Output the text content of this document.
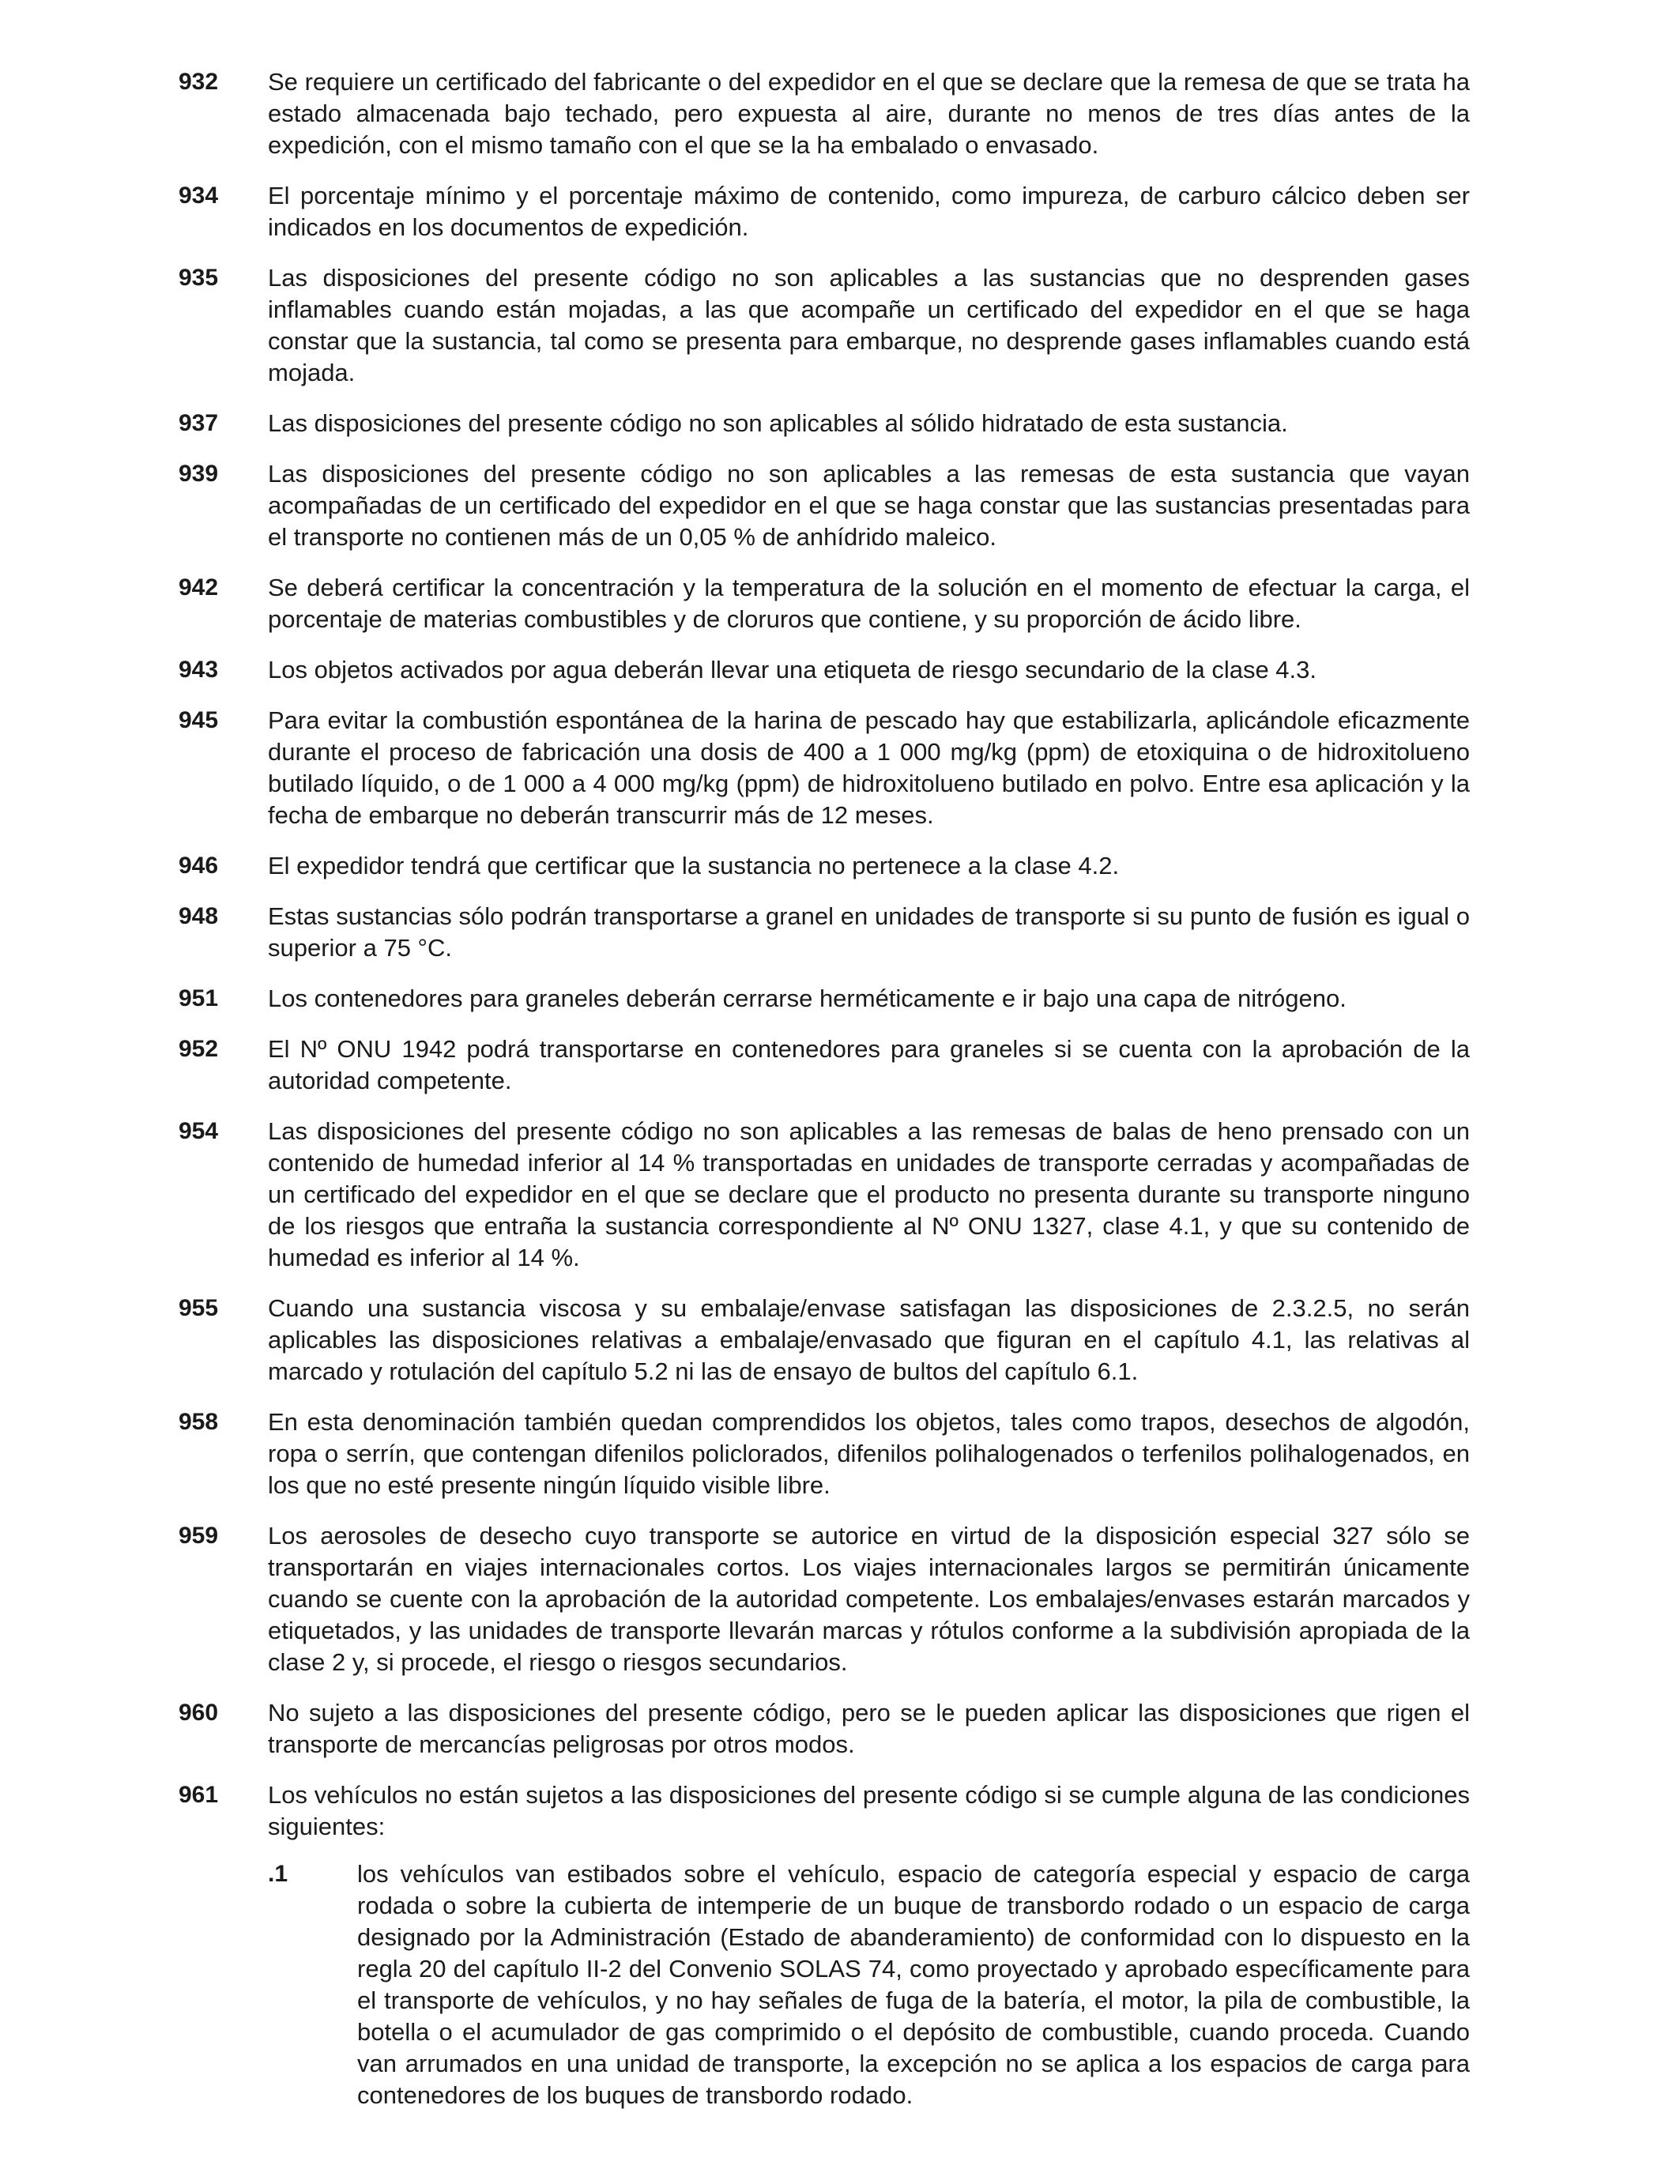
932	Se requiere un certificado del fabricante o del expedidor en el que se declare que la remesa de que se trata ha estado almacenada bajo techado, pero expuesta al aire, durante no menos de tres días antes de la expedición, con el mismo tamaño con el que se la ha embalado o envasado.
934	El porcentaje mínimo y el porcentaje máximo de contenido, como impureza, de carburo cálcico deben ser indicados en los documentos de expedición.
935	Las disposiciones del presente código no son aplicables a las sustancias que no desprenden gases inflamables cuando están mojadas, a las que acompañe un certificado del expedidor en el que se haga constar que la sustancia, tal como se presenta para embarque, no desprende gases inflamables cuando está mojada.
937	Las disposiciones del presente código no son aplicables al sólido hidratado de esta sustancia.
939	Las disposiciones del presente código no son aplicables a las remesas de esta sustancia que vayan acompañadas de un certificado del expedidor en el que se haga constar que las sustancias presentadas para el transporte no contienen más de un 0,05 % de anhídrido maleico.
942	Se deberá certificar la concentración y la temperatura de la solución en el momento de efectuar la carga, el porcentaje de materias combustibles y de cloruros que contiene, y su proporción de ácido libre.
943	Los objetos activados por agua deberán llevar una etiqueta de riesgo secundario de la clase 4.3.
945	Para evitar la combustión espontánea de la harina de pescado hay que estabilizarla, aplicándole eficazmente durante el proceso de fabricación una dosis de 400 a 1 000 mg/kg (ppm) de etoxiquina o de hidroxitolueno butilado líquido, o de 1 000 a 4 000 mg/kg (ppm) de hidroxitolueno butilado en polvo. Entre esa aplicación y la fecha de embarque no deberán transcurrir más de 12 meses.
946	El expedidor tendrá que certificar que la sustancia no pertenece a la clase 4.2.
948	Estas sustancias sólo podrán transportarse a granel en unidades de transporte si su punto de fusión es igual o superior a 75 °C.
951	Los contenedores para graneles deberán cerrarse herméticamente e ir bajo una capa de nitrógeno.
952	El Nº ONU 1942 podrá transportarse en contenedores para graneles si se cuenta con la aprobación de la autoridad competente.
954	Las disposiciones del presente código no son aplicables a las remesas de balas de heno prensado con un contenido de humedad inferior al 14 % transportadas en unidades de transporte cerradas y acompañadas de un certificado del expedidor en el que se declare que el producto no presenta durante su transporte ninguno de los riesgos que entraña la sustancia correspondiente al Nº ONU 1327, clase 4.1, y que su contenido de humedad es inferior al 14 %.
955	Cuando una sustancia viscosa y su embalaje/envase satisfagan las disposiciones de 2.3.2.5, no serán aplicables las disposiciones relativas a embalaje/envasado que figuran en el capítulo 4.1, las relativas al marcado y rotulación del capítulo 5.2 ni las de ensayo de bultos del capítulo 6.1.
958	En esta denominación también quedan comprendidos los objetos, tales como trapos, desechos de algodón, ropa o serrín, que contengan difenilos policlorados, difenilos polihalogenados o terfenilos polihalogenados, en los que no esté presente ningún líquido visible libre.
959	Los aerosoles de desecho cuyo transporte se autorice en virtud de la disposición especial 327 sólo se transportarán en viajes internacionales cortos. Los viajes internacionales largos se permitirán únicamente cuando se cuente con la aprobación de la autoridad competente. Los embalajes/envases estarán marcados y etiquetados, y las unidades de transporte llevarán marcas y rótulos conforme a la subdivisión apropiada de la clase 2 y, si procede, el riesgo o riesgos secundarios.
960	No sujeto a las disposiciones del presente código, pero se le pueden aplicar las disposiciones que rigen el transporte de mercancías peligrosas por otros modos.
961	Los vehículos no están sujetos a las disposiciones del presente código si se cumple alguna de las condiciones siguientes:
.1	los vehículos van estibados sobre el vehículo, espacio de categoría especial y espacio de carga rodada o sobre la cubierta de intemperie de un buque de transbordo rodado o un espacio de carga designado por la Administración (Estado de abanderamiento) de conformidad con lo dispuesto en la regla 20 del capítulo II-2 del Convenio SOLAS 74, como proyectado y aprobado específicamente para el transporte de vehículos, y no hay señales de fuga de la batería, el motor, la pila de combustible, la botella o el acumulador de gas comprimido o el depósito de combustible, cuando proceda. Cuando van arrumados en una unidad de transporte, la excepción no se aplica a los espacios de carga para contenedores de los buques de transbordo rodado.
